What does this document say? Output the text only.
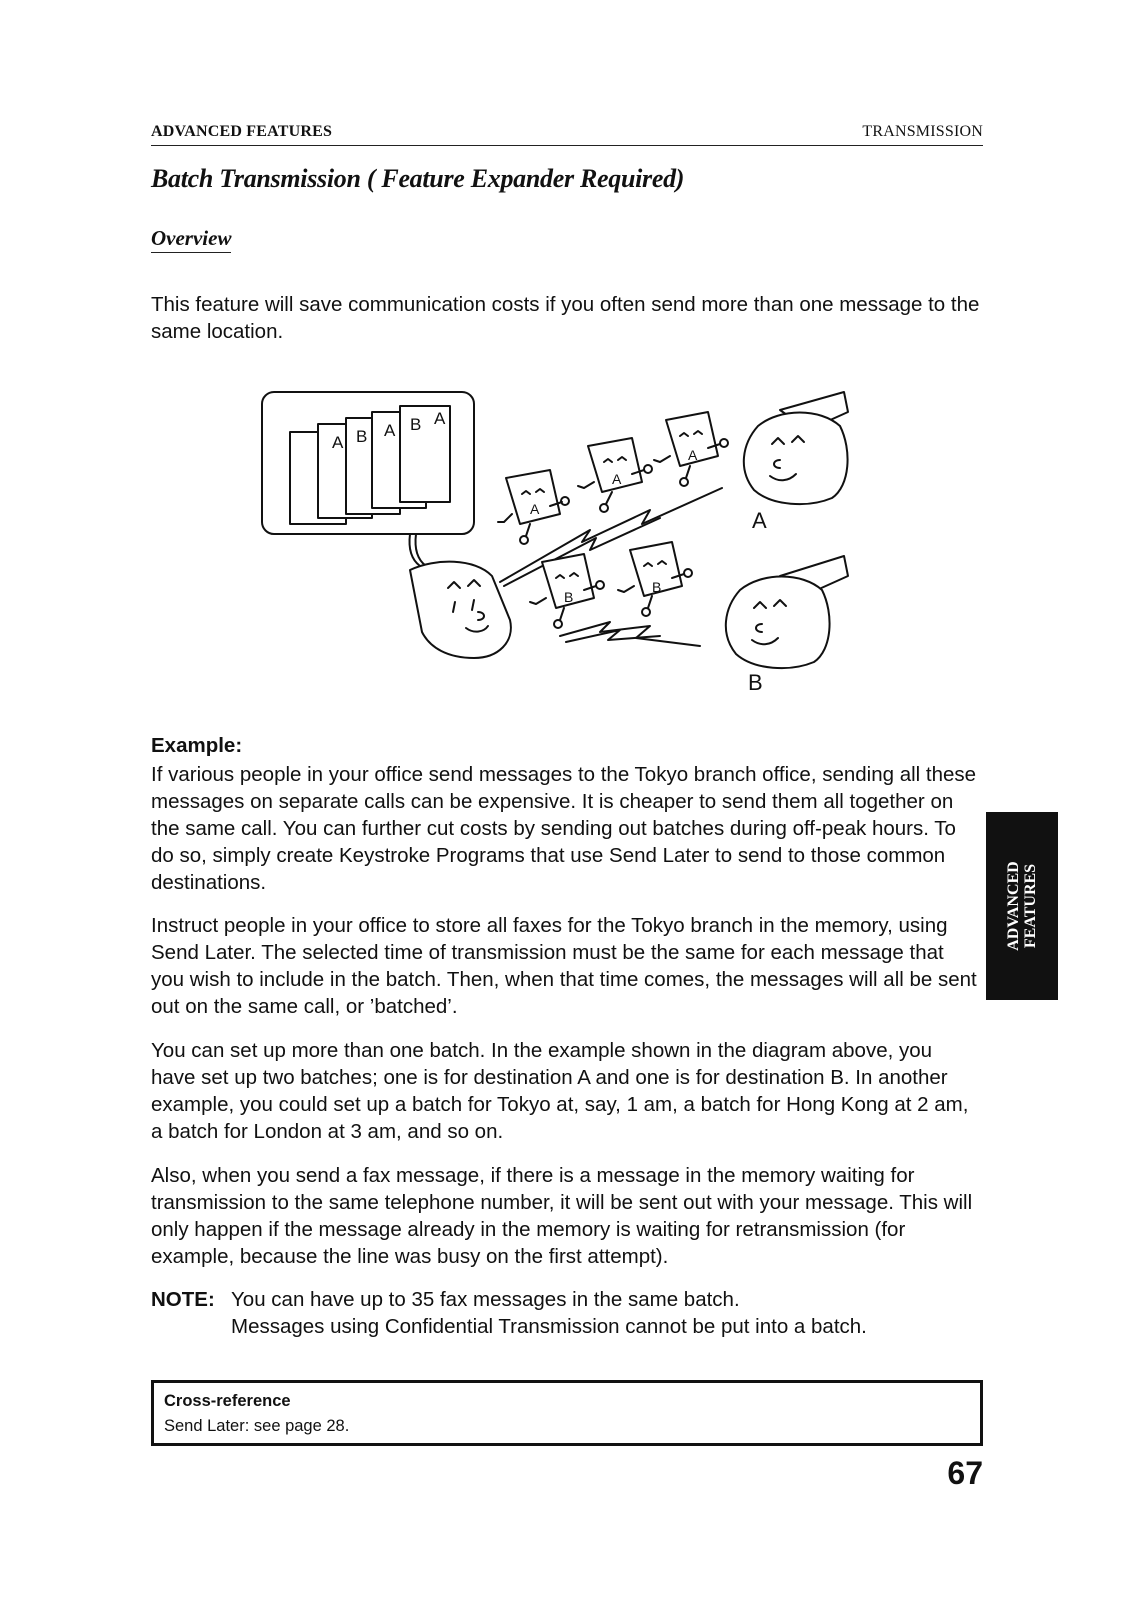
ADVANCED FEATURES	TRANSMISSION
Batch Transmission ( Feature Expander Required)
Overview
This feature will save communication costs if you often send more than one message to the same location.
A B A B A
A
A
A
B
B
A
B
Example:

If various people in your office send messages to the Tokyo branch office, sending all these messages on separate calls can be expensive. It is cheaper to send them all together on the same call. You can further cut costs by sending out batches during off-peak hours. To do so, simply create Keystroke Programs that use Send Later to send to those common destinations.

Instruct people in your office to store all faxes for the Tokyo branch in the memory, using Send Later. The selected time of transmission must be the same for each message that you wish to include in the batch. Then, when that time comes, the messages will all be sent out on the same call, or ’batched’.

You can set up more than one batch. In the example shown in the diagram above, you have set up two batches; one is for destination A and one is for destination B. In another example, you could set up a batch for Tokyo at, say, 1 am, a batch for Hong Kong at 2 am, a batch for London at 3 am, and so on.

Also, when you send a fax message, if there is a message in the memory waiting for transmission to the same telephone number, it will be sent out with your message. This will only happen if the message already in the memory is waiting for retransmission (for example, because the line was busy on the first attempt).

NOTE: You can have up to 35 fax messages in the same batch.
Messages using Confidential Transmission cannot be put into a batch.
Cross-reference
Send Later: see page 28.
67
ADVANCED FEATURES
